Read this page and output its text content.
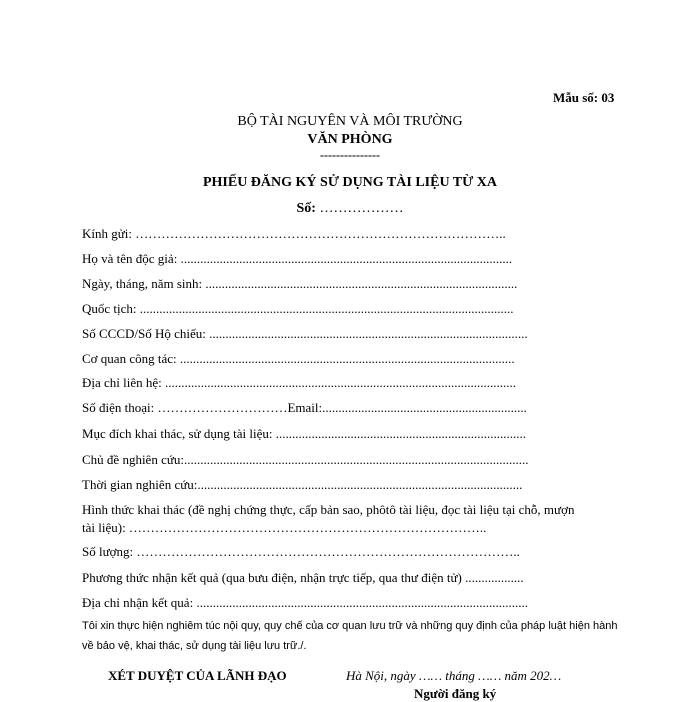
Mẫu số: 03
BỘ TÀI NGUYÊN VÀ MÔI TRƯỜNG
VĂN PHÒNG
---------------
PHIẾU ĐĂNG KÝ SỬ DỤNG TÀI LIỆU TỪ XA
Số: ………………
Kính gửi: …………………………………………………………………………..
Họ và tên độc giả: ......................................................................................................
Ngày, tháng, năm sinh: ................................................................................................
Quốc tịch: ...................................................................................................................
Số CCCD/Số Hộ chiếu: ..................................................................................................
Cơ quan công tác: .......................................................................................................
Địa chỉ liên hệ: ............................................................................................................
Số điện thoại: …………………………Email:...............................................................
Mục đích khai thác, sử dụng tài liệu: .............................................................................
Chủ đề nghiên cứu:..........................................................................................................
Thời gian nghiên cứu:....................................................................................................
Hình thức khai thác (đề nghị chứng thực, cấp bản sao, phôtô tài liệu, đọc tài liệu tại chỗ, mượn
tài liệu): ………………………………………………………………………..
Số lượng: ……………………………………………………………………………..
Phương thức nhận kết quả (qua bưu điện, nhận trực tiếp, qua thư điện tử) ..................
Địa chỉ nhận kết quả: ......................................................................................................
Tôi xin thực hiện nghiêm túc nội quy, quy chế của cơ quan lưu trữ và những quy định của pháp luật hiện hành về bảo vệ, khai thác, sử dụng tài liệu lưu trữ./.
XÉT DUYỆT CỦA LÃNH ĐẠO	Hà Nội, ngày …… tháng …… năm 202…
Người đăng ký
